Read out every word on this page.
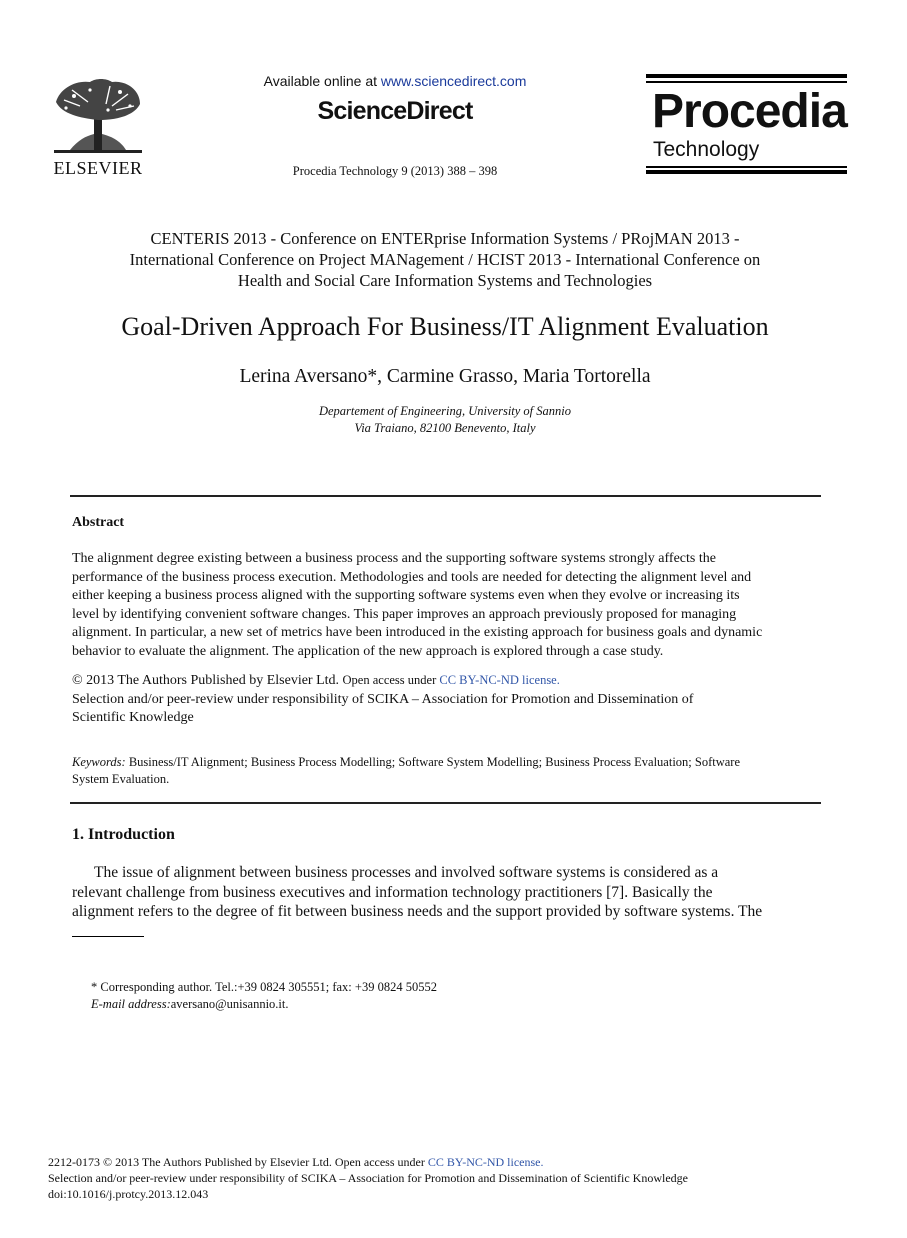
ELSEVIER
Available online at www.sciencedirect.com
ScienceDirect
Procedia Technology 9 (2013) 388 – 398
Procedia
Technology
CENTERIS 2013 - Conference on ENTERprise Information Systems / PRojMAN 2013 -
International Conference on Project MANagement / HCIST 2013 - International Conference on
Health and Social Care Information Systems and Technologies
Goal-Driven Approach For Business/IT Alignment Evaluation
Lerina Aversano*, Carmine Grasso, Maria Tortorella
Departement of Engineering, University of Sannio
Via Traiano, 82100 Benevento, Italy
Abstract
The alignment degree existing between a business process and the supporting software systems strongly affects the
performance of the business process execution. Methodologies and tools are needed for detecting the alignment level and
either keeping a business process aligned with the supporting software systems even when they evolve or increasing its
level by identifying convenient software changes. This paper improves an approach previously proposed for managing
alignment. In particular, a new set of metrics have been introduced in the existing approach for business goals and dynamic
behavior to evaluate the alignment. The application of the new approach is explored through a case study.
© 2013 The Authors Published by Elsevier Ltd. Open access under CC BY-NC-ND license.
Selection and/or peer-review under responsibility of SCIKA – Association for Promotion and Dissemination of
Scientific Knowledge
Keywords: Business/IT Alignment; Business Process Modelling; Software System Modelling; Business Process Evaluation; Software
System Evaluation.
1. Introduction
The issue of alignment between business processes and involved software systems is considered as a
relevant challenge from business executives and information technology practitioners [7]. Basically the
alignment refers to the degree of fit between business needs and the support provided by software systems. The
* Corresponding author. Tel.:+39 0824 305551; fax: +39 0824 50552
E-mail address:aversano@unisannio.it.
2212-0173 © 2013 The Authors Published by Elsevier Ltd. Open access under CC BY-NC-ND license.
Selection and/or peer-review under responsibility of SCIKA – Association for Promotion and Dissemination of Scientific Knowledge
doi:10.1016/j.protcy.2013.12.043
